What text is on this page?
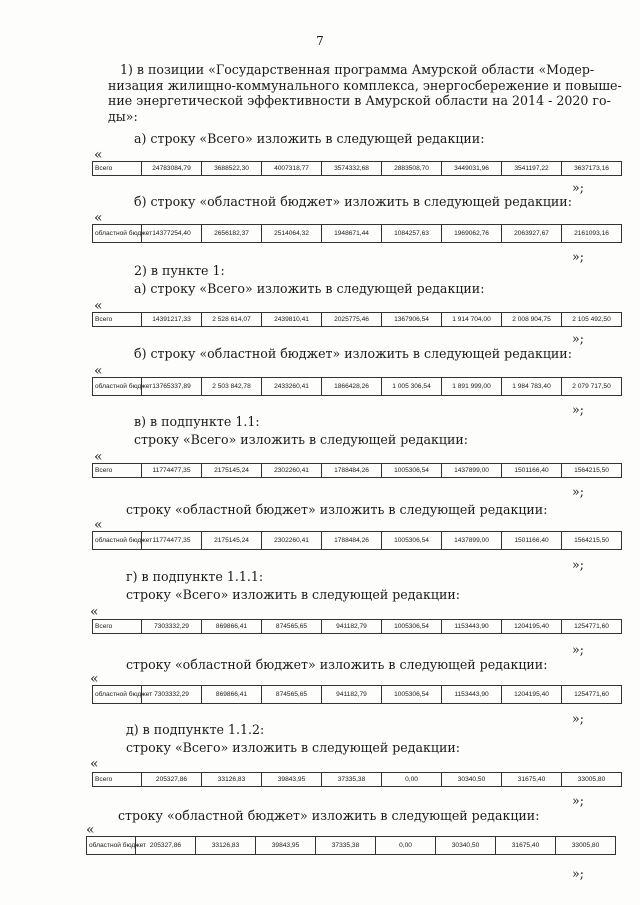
7
1) в позиции «Государственная программа Амурской области «Модер-
низация жилищно-коммунального комплекса, энергосбережение и повыше-
ние энергетической эффективности в Амурской области на 2014 - 2020 го-
ды»:
а) строку «Всего» изложить в следующей редакции:
«
Всего	24783084,79	3688522,30	4007318,77	3574332,68	2883508,70	3449031,96	3541197,22	3637173,16
»;
б) строку «областной бюджет» изложить в следующей редакции:
«
областной бюджет	14377254,40	2656182,37	2514064,32	1948671,44	1084257,63	1969062,76	2063927,67	2161093,16
»;
2) в пункте 1:
а) строку «Всего» изложить в следующей редакции:
«
Всего	14391217,33	2 528 614,07	2439810,41	2025775,46	1367906,54	1 914 704,00	2 008 904,75	2 105 492,50
»;
б) строку «областной бюджет» изложить в следующей редакции:
«
областной бюджет	13765337,89	2 503 842,78	2433260,41	1866428,26	1 005 306,54	1 891 999,00	1 984 783,40	2 079 717,50
»;
в) в подпункте 1.1:
строку «Всего» изложить в следующей редакции:
«
Всего	11774477,35	2175145,24	2302260,41	1788484,26	1005306,54	1437899,00	1501166,40	1564215,50
»;
строку «областной бюджет» изложить в следующей редакции:
«
областной бюджет	11774477,35	2175145,24	2302260,41	1788484,26	1005306,54	1437899,00	1501166,40	1564215,50
»;
г) в подпункте 1.1.1:
строку «Всего» изложить в следующей редакции:
«
Всего	7303332,29	869866,41	874565,65	941182,79	1005306,54	1153443,90	1204195,40	1254771,60
»;
строку «областной бюджет» изложить в следующей редакции:
«
областной бюджет	7303332,29	869866,41	874565,65	941182,79	1005306,54	1153443,90	1204195,40	1254771,60
»;
д) в подпункте 1.1.2:
строку «Всего» изложить в следующей редакции:
«
Всего	205327,86	33126,83	39843,95	37335,38	0,00	30340,50	31675,40	33005,80
»;
строку «областной бюджет» изложить в следующей редакции:
«
областной бюджет	205327,86	33126,83	39843,95	37335,38	0,00	30340,50	31675,40	33005,80
»;
